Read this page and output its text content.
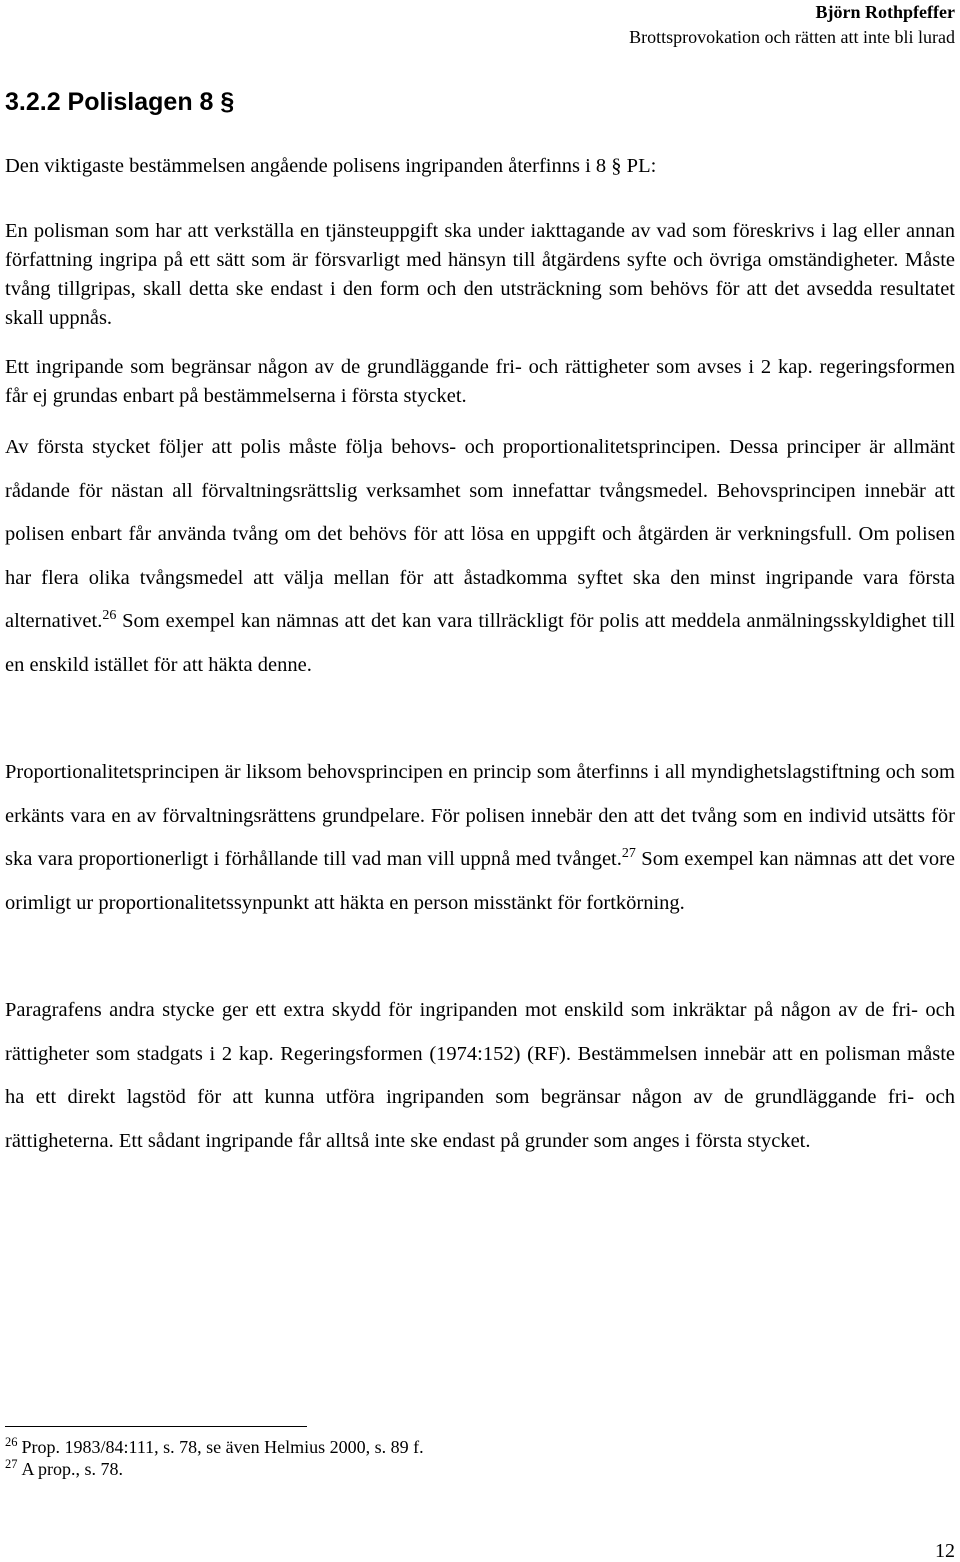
Björn Rothpfeffer
Brottsprovokation och rätten att inte bli lurad
3.2.2 Polislagen 8 §

Den viktigaste bestämmelsen angående polisens ingripanden återfinns i 8 § PL:

En polisman som har att verkställa en tjänsteuppgift ska under iakttagande av vad som föreskrivs i lag eller annan författning ingripa på ett sätt som är försvarligt med hänsyn till åtgärdens syfte och övriga omständigheter. Måste tvång tillgripas, skall detta ske endast i den form och den utsträckning som behövs för att det avsedda resultatet skall uppnås.

Ett ingripande som begränsar någon av de grundläggande fri- och rättigheter som avses i 2 kap. regeringsformen får ej grundas enbart på bestämmelserna i första stycket.

Av första stycket följer att polis måste följa behovs- och proportionalitetsprincipen. Dessa principer är allmänt rådande för nästan all förvaltningsrättslig verksamhet som innefattar tvångsmedel. Behovsprincipen innebär att polisen enbart får använda tvång om det behövs för att lösa en uppgift och åtgärden är verkningsfull. Om polisen har flera olika tvångsmedel att välja mellan för att åstadkomma syftet ska den minst ingripande vara första alternativet.$^{26}$ Som exempel kan nämnas att det kan vara tillräckligt för polis att meddela anmälningsskyldighet till en enskild istället för att häkta denne.

Proportionalitetsprincipen är liksom behovsprincipen en princip som återfinns i all myndighetslagstiftning och som erkänts vara en av förvaltningsrättens grundpelare. För polisen innebär den att det tvång som en individ utsätts för ska vara proportionerligt i förhållande till vad man vill uppnå med tvånget.$^{27}$ Som exempel kan nämnas att det vore orimligt ur proportionalitetssynpunkt att häkta en person misstänkt för fortkörning.

Paragrafens andra stycke ger ett extra skydd för ingripanden mot enskild som inkräktar på någon av de fri- och rättigheter som stadgats i 2 kap. Regeringsformen (1974:152) (RF). Bestämmelsen innebär att en polisman måste ha ett direkt lagstöd för att kunna utföra ingripanden som begränsar någon av de grundläggande fri- och rättigheterna. Ett sådant ingripande får alltså inte ske endast på grunder som anges i första stycket.

$^{26}$ Prop. 1983/84:111, s. 78, se även Helmius 2000, s. 89 f.
$^{27}$ A prop., s. 78.
12
